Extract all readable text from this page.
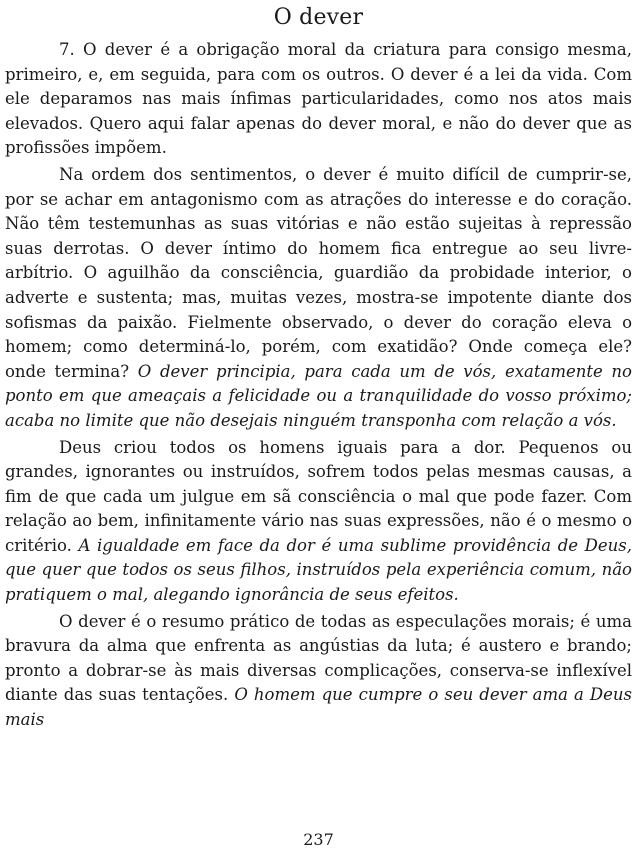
O dever

7. O dever é a obrigação moral da criatura para consigo mesma, primeiro, e, em seguida, para com os outros. O dever é a lei da vida. Com ele deparamos nas mais ínfimas particularidades, como nos atos mais elevados. Quero aqui falar apenas do dever moral, e não do dever que as profissões impõem.

Na ordem dos sentimentos, o dever é muito difícil de cumprir-se, por se achar em antagonismo com as atrações do interesse e do coração. Não têm testemunhas as suas vitórias e não estão sujeitas à repressão suas derrotas. O dever íntimo do homem fica entregue ao seu livre-arbítrio. O aguilhão da consciência, guardião da probidade interior, o adverte e sustenta; mas, muitas vezes, mostra-se impotente diante dos sofismas da paixão. Fielmente observado, o dever do coração eleva o homem; como determiná-lo, porém, com exatidão? Onde começa ele? onde termina? O dever principia, para cada um de vós, exatamente no ponto em que ameaçais a felicidade ou a tranquilidade do vosso próximo; acaba no limite que não desejais ninguém transponha com relação a vós.

Deus criou todos os homens iguais para a dor. Pequenos ou grandes, ignorantes ou instruídos, sofrem todos pelas mesmas causas, a fim de que cada um julgue em sã consciência o mal que pode fazer. Com relação ao bem, infinitamente vário nas suas expressões, não é o mesmo o critério. A igualdade em face da dor é uma sublime providência de Deus, que quer que todos os seus filhos, instruídos pela experiência comum, não pratiquem o mal, alegando ignorância de seus efeitos.

O dever é o resumo prático de todas as especulações morais; é uma bravura da alma que enfrenta as angústias da luta; é austero e brando; pronto a dobrar-se às mais diversas complicações, conserva-se inflexível diante das suas tentações. O homem que cumpre o seu dever ama a Deus mais

237
